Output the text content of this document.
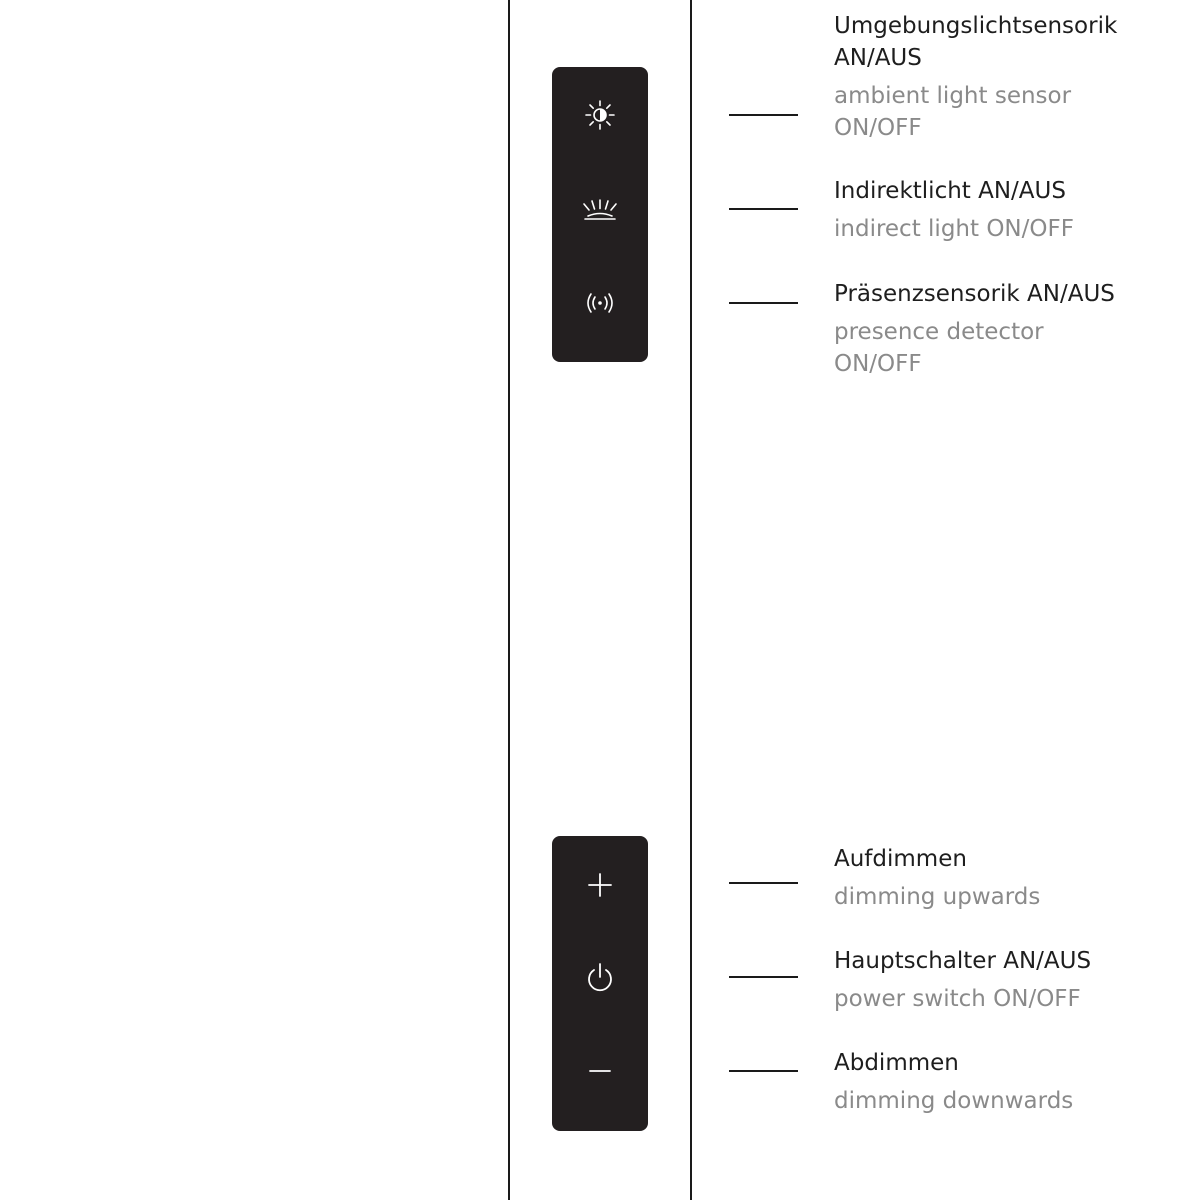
Umgebungslichtsensorik AN/AUS
ambient light sensor ON/OFF
Indirektlicht AN/AUS
indirect light ON/OFF
Präsenzsensorik AN/AUS
presence detector ON/OFF
Aufdimmen
dimming upwards
Hauptschalter AN/AUS
power switch ON/OFF
Abdimmen
dimming downwards
